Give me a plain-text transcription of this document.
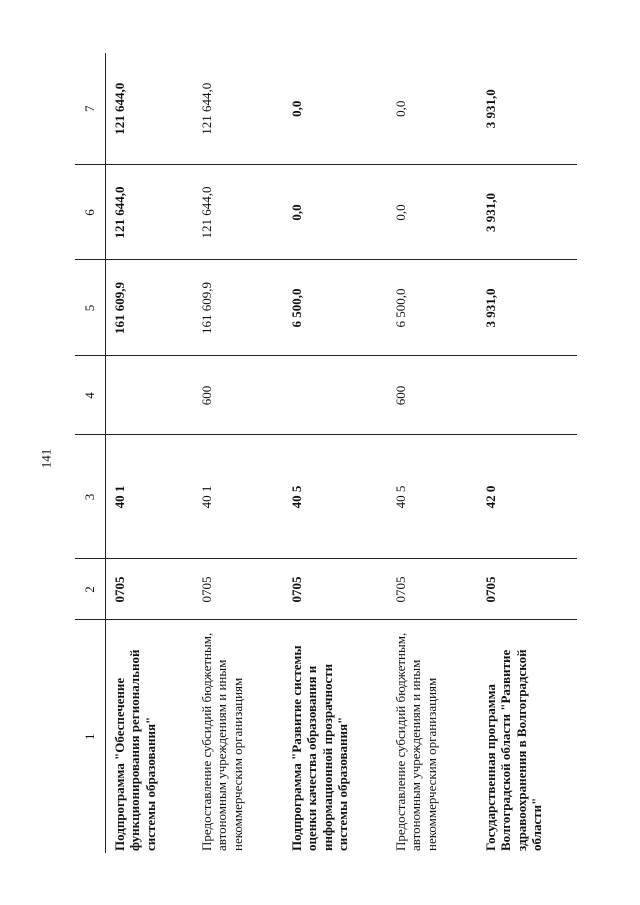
141
1	2	3	4	5	6	7
Подпрограмма "Обеспечение функционирования региональной системы образования"	0705	40 1		161 609,9	121 644,0	121 644,0
Предоставление субсидий бюджетным, автономным учреждениям и иным некоммерческим организациям	0705	40 1	600	161 609,9	121 644,0	121 644,0
Подпрограмма "Развитие системы оценки качества образования и информационной прозрачности системы образования"	0705	40 5		6 500,0	0,0	0,0
Предоставление субсидий бюджетным, автономным учреждениям и иным некоммерческим организациям	0705	40 5	600	6 500,0	0,0	0,0
Государственная программа Волгоградской области "Развитие здравоохранения в Волгоградской области"	0705	42 0		3 931,0	3 931,0	3 931,0
